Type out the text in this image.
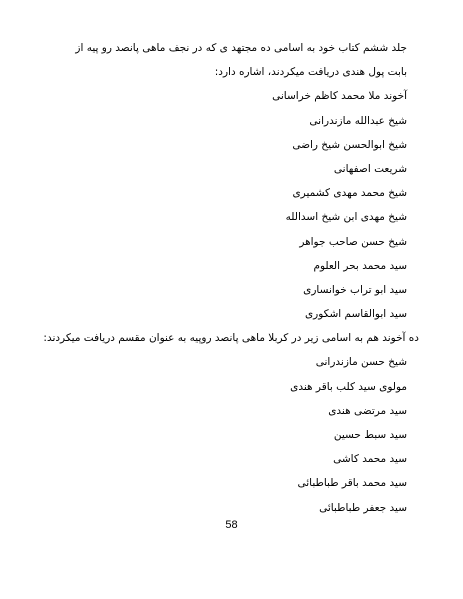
جلد ششم کتاب خود به اسامی ده مجتهد ی که در نجف ماهی پانصد رو پیه از بابت پول هندی دریافت میکردند، اشاره دارد:
آخوند ملا محمد کاظم خراسانی
شیخ عبدالله مازندرانی
شیخ ابوالحسن شیخ راضی
شریعت اصفهانی
شیخ محمد مهدی کشمیری
شیخ مهدی ابن شیخ اسدالله
شیخ حسن صاحب جواهر
سید محمد بحر العلوم
سید ابو تراب خوانساری
سید ابوالقاسم اشکوری
ده آخوند هم به اسامی زیر در کربلا ماهی پانصد روپیه به عنوان مقسم دریافت میکردند:
شیخ حسن مازندرانی
مولوی سید کلب باقر هندی
سید مرتضی هندی
سید سبط حسین
سید محمد کاشی
سید محمد باقر طباطبائی
سید جعفر طباطبائی
58
